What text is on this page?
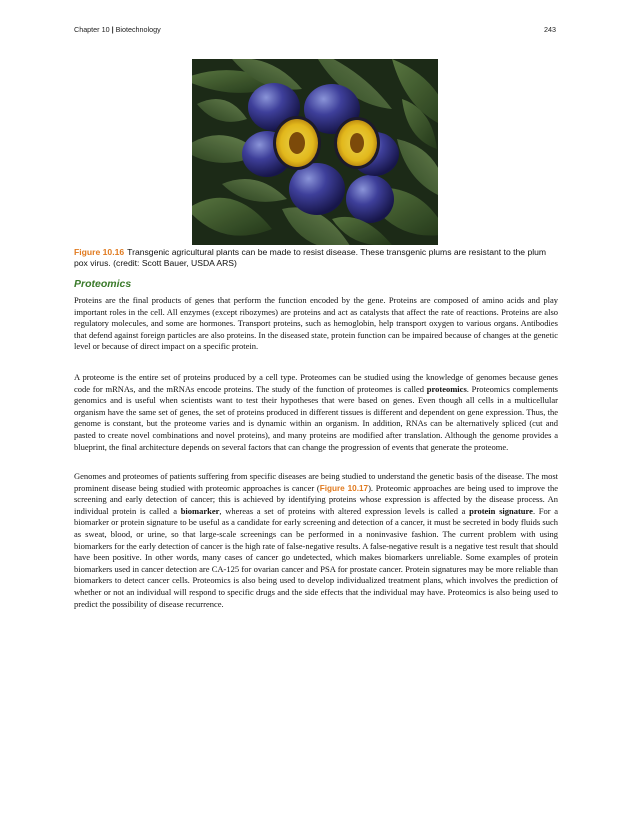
Chapter 10 | Biotechnology	243
Figure 10.16 Transgenic agricultural plants can be made to resist disease. These transgenic plums are resistant to the plum pox virus. (credit: Scott Bauer, USDA ARS)
Proteomics

Proteins are the final products of genes that perform the function encoded by the gene. Proteins are composed of amino acids and play important roles in the cell. All enzymes (except ribozymes) are proteins and act as catalysts that affect the rate of reactions. Proteins are also regulatory molecules, and some are hormones. Transport proteins, such as hemoglobin, help transport oxygen to various organs. Antibodies that defend against foreign particles are also proteins. In the diseased state, protein function can be impaired because of changes at the genetic level or because of direct impact on a specific protein.

A proteome is the entire set of proteins produced by a cell type. Proteomes can be studied using the knowledge of genomes because genes code for mRNAs, and the mRNAs encode proteins. The study of the function of proteomes is called proteomics. Proteomics complements genomics and is useful when scientists want to test their hypotheses that were based on genes. Even though all cells in a multicellular organism have the same set of genes, the set of proteins produced in different tissues is different and dependent on gene expression. Thus, the genome is constant, but the proteome varies and is dynamic within an organism. In addition, RNAs can be alternatively spliced (cut and pasted to create novel combinations and novel proteins), and many proteins are modified after translation. Although the genome provides a blueprint, the final architecture depends on several factors that can change the progression of events that generate the proteome.

Genomes and proteomes of patients suffering from specific diseases are being studied to understand the genetic basis of the disease. The most prominent disease being studied with proteomic approaches is cancer (Figure 10.17). Proteomic approaches are being used to improve the screening and early detection of cancer; this is achieved by identifying proteins whose expression is affected by the disease process. An individual protein is called a biomarker, whereas a set of proteins with altered expression levels is called a protein signature. For a biomarker or protein signature to be useful as a candidate for early screening and detection of a cancer, it must be secreted in body fluids such as sweat, blood, or urine, so that large-scale screenings can be performed in a noninvasive fashion. The current problem with using biomarkers for the early detection of cancer is the high rate of false-negative results. A false-negative result is a negative test result that should have been positive. In other words, many cases of cancer go undetected, which makes biomarkers unreliable. Some examples of protein biomarkers used in cancer detection are CA-125 for ovarian cancer and PSA for prostate cancer. Protein signatures may be more reliable than biomarkers to detect cancer cells. Proteomics is also being used to develop individualized treatment plans, which involves the prediction of whether or not an individual will respond to specific drugs and the side effects that the individual may have. Proteomics is also being used to predict the possibility of disease recurrence.
